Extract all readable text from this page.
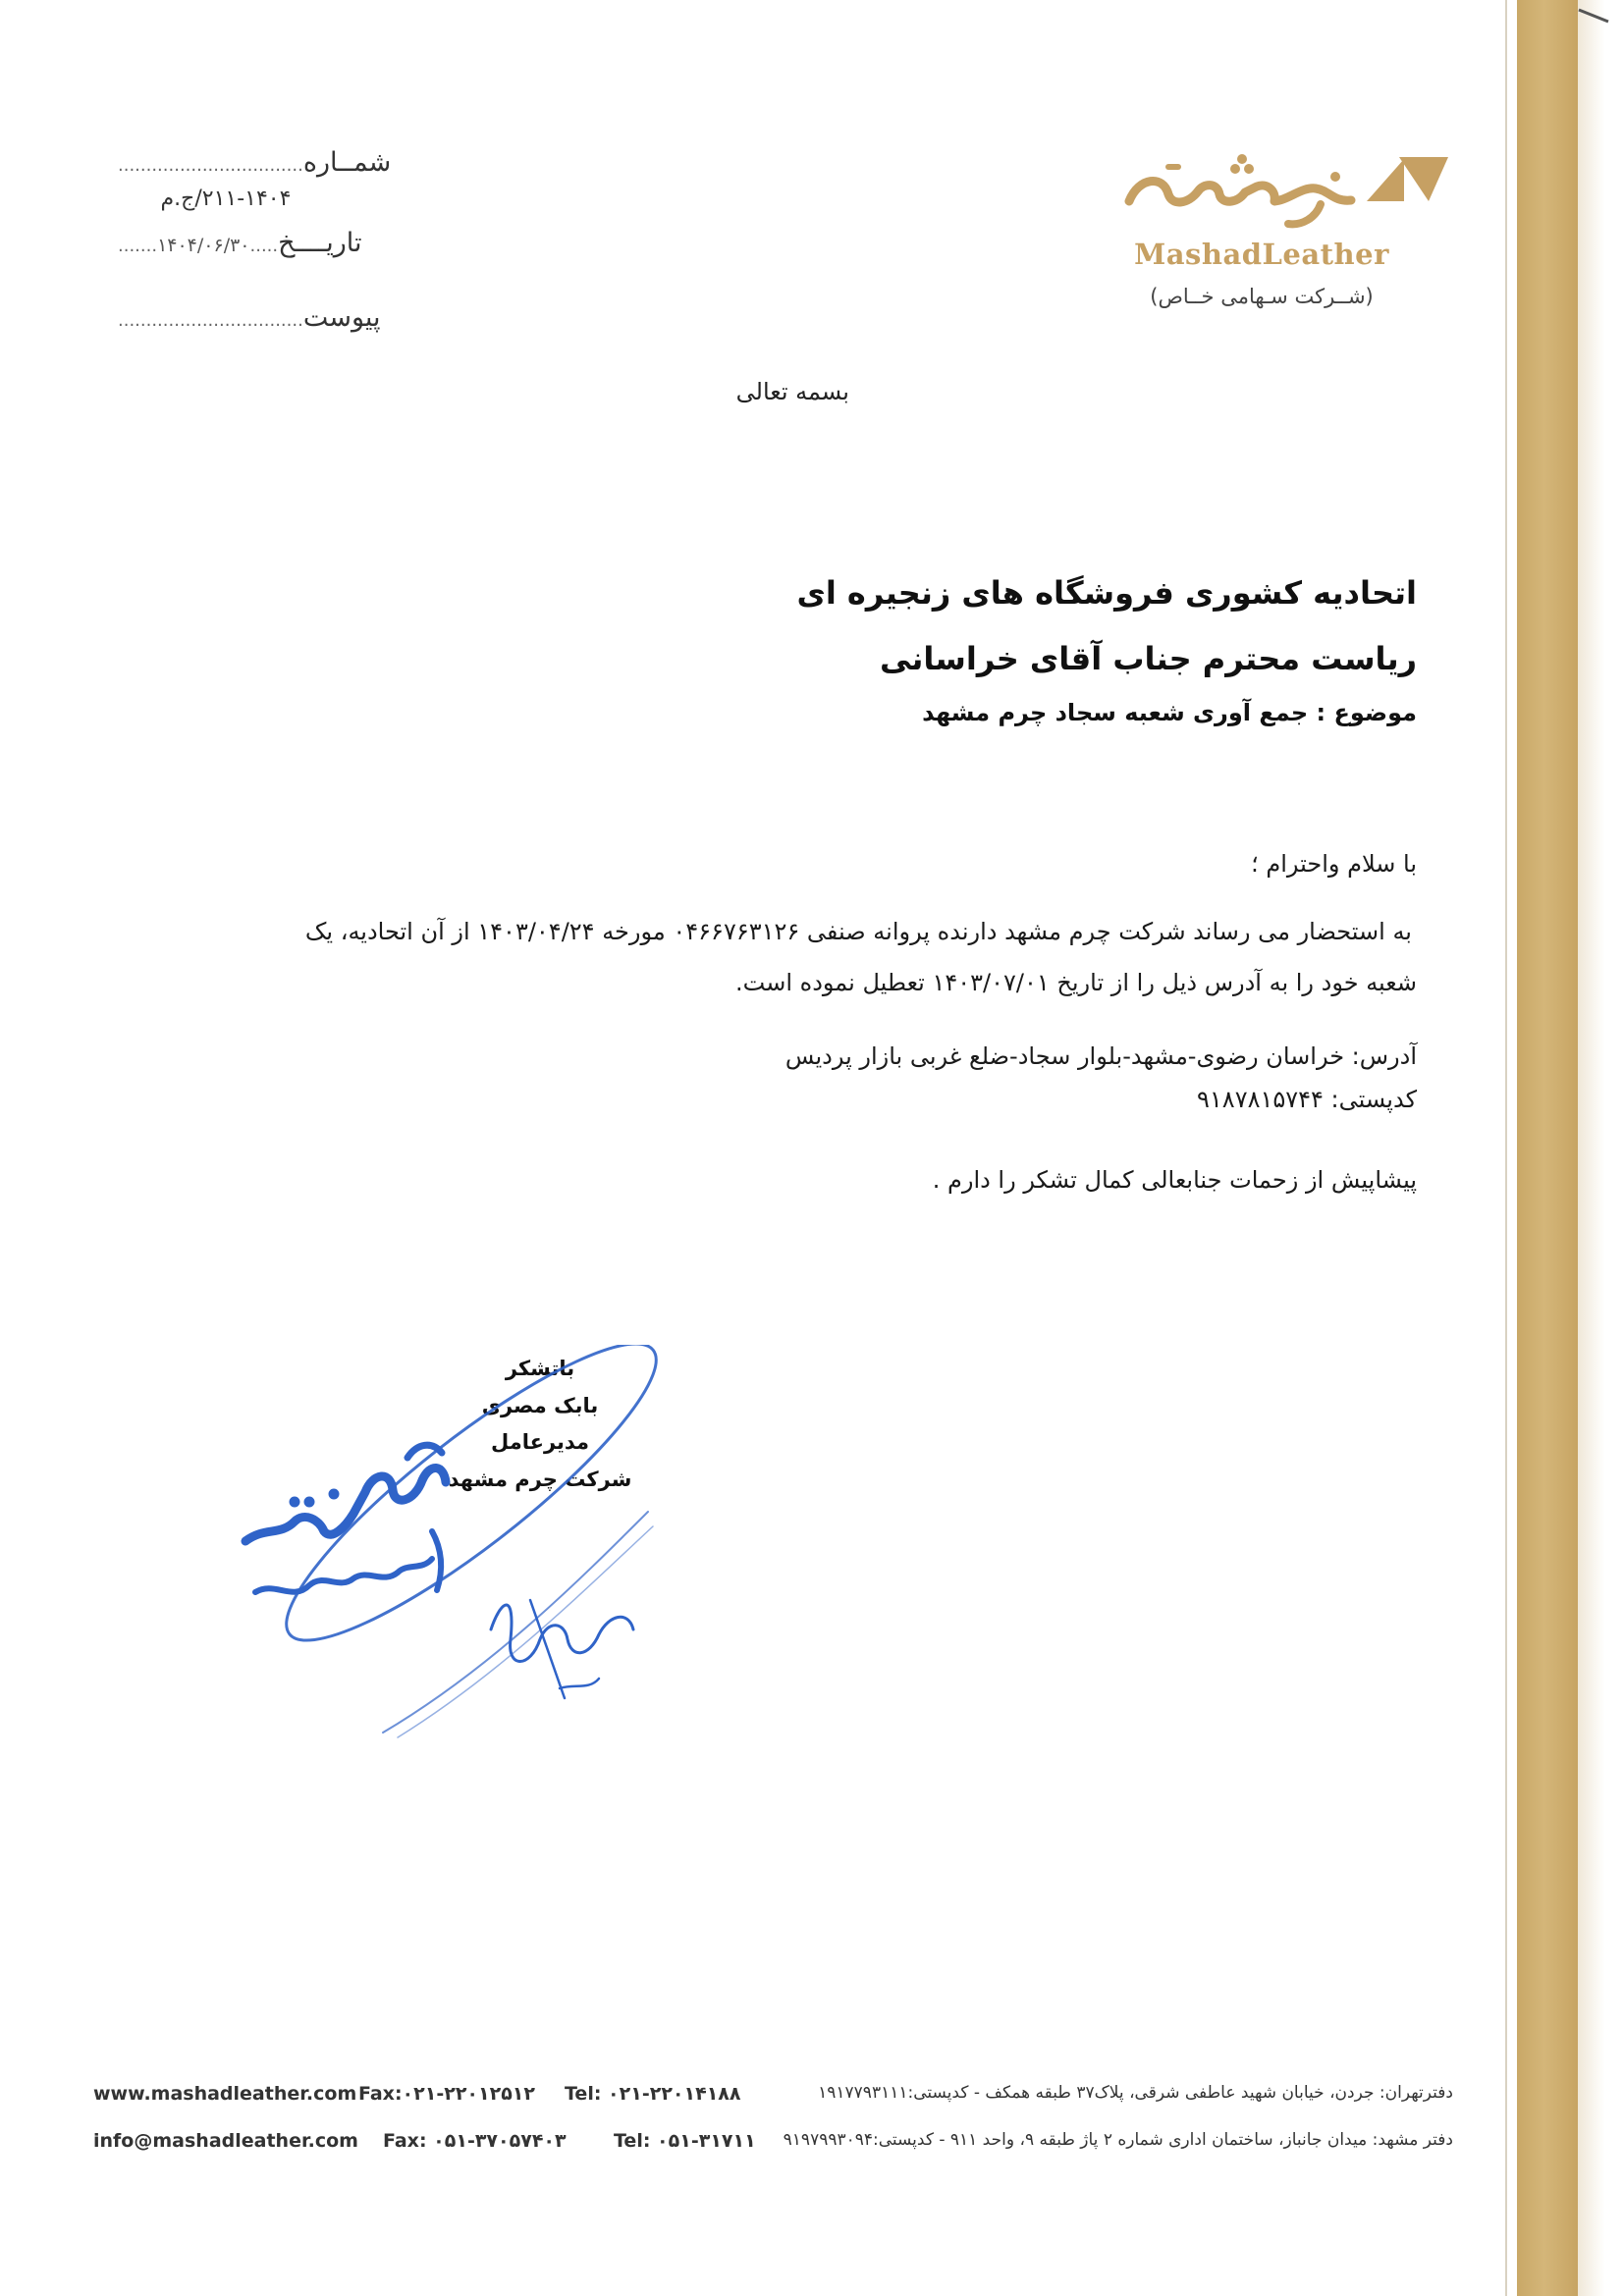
MashadLeather
(شــرکت سـهامی خــاص)
شمــاره.................................
۲۱۱-۱۴۰۴/ج.م
تاریــــخ.....۱۴۰۴/۰۶/۳۰.......
پیوست.................................
بسمه تعالی
اتحادیه کشوری فروشگاه های زنجیره ای
ریاست محترم جناب آقای خراسانی
موضوع : جمع آوری شعبه سجاد چرم مشهد
با سلام واحترام ؛
به استحضار می رساند شرکت چرم مشهد دارنده پروانه صنفی ۰۴۶۶۷۶۳۱۲۶ مورخه ۱۴۰۳/۰۴/۲۴ از آن اتحادیه، یک
شعبه خود را به آدرس ذیل را از تاریخ ۱۴۰۳/۰۷/۰۱ تعطیل نموده است.
آدرس: خراسان رضوی-مشهد-بلوار سجاد-ضلع غربی بازار پردیس
کدپستی: ۹۱۸۷۸۱۵۷۴۴
پیشاپیش از زحمات جنابعالی کمال تشکر را دارم .
باتشکر
بابک مصری
مدیرعامل
شرکت چرم مشهد
www.mashadleather.com Fax:۰۲۱-۲۲۰۱۲۵۱۲ Tel: ۰۲۱-۲۲۰۱۴۱۸۸	دفترتهران: جردن، خیابان شهید عاطفی شرقی، پلاک۳۷ طبقه همکف - کدپستی:۱۹۱۷۷۹۳۱۱۱
info@mashadleather.com Fax: ۰۵۱-۳۷۰۵۷۴۰۳	Tel: ۰۵۱-۳۱۷۱۱	دفتر مشهد: میدان جانباز، ساختمان اداری شماره ۲ پاژ طبقه ۹، واحد ۹۱۱ - کدپستی:۹۱۹۷۹۹۳۰۹۴
